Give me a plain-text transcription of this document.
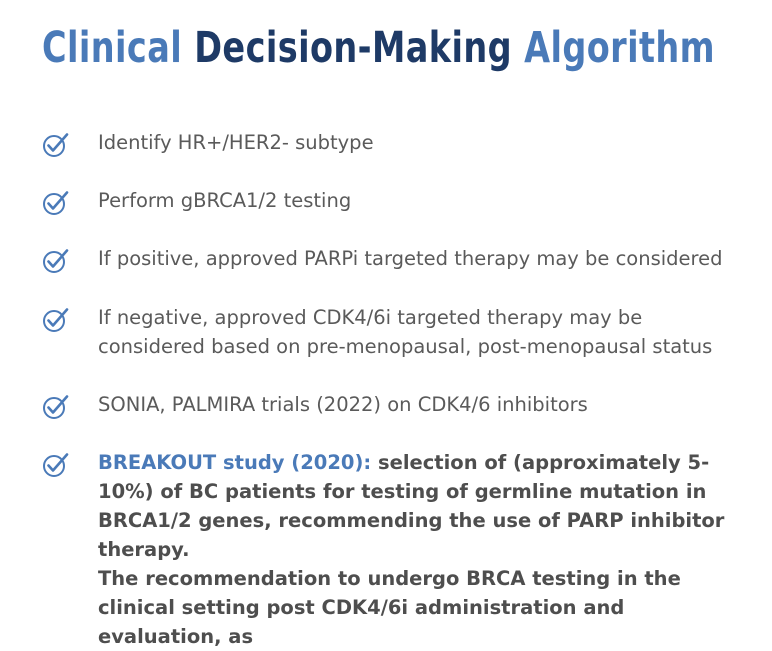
Clinical Decision-Making Algorithm
Identify HR+/HER2- subtype
Perform gBRCA1/2 testing
If positive, approved PARPi targeted therapy may be considered
If negative, approved CDK4/6i targeted therapy may be considered based on pre-menopausal, post-menopausal status
SONIA, PALMIRA trials (2022) on CDK4/6 inhibitors
BREAKOUT study (2020): selection of (approximately 5-10%) of BC patients for testing of germline mutation in BRCA1/2 genes, recommending the use of PARP inhibitor therapy.
The recommendation to undergo BRCA testing in the clinical setting post CDK4/6i administration and evaluation, as
